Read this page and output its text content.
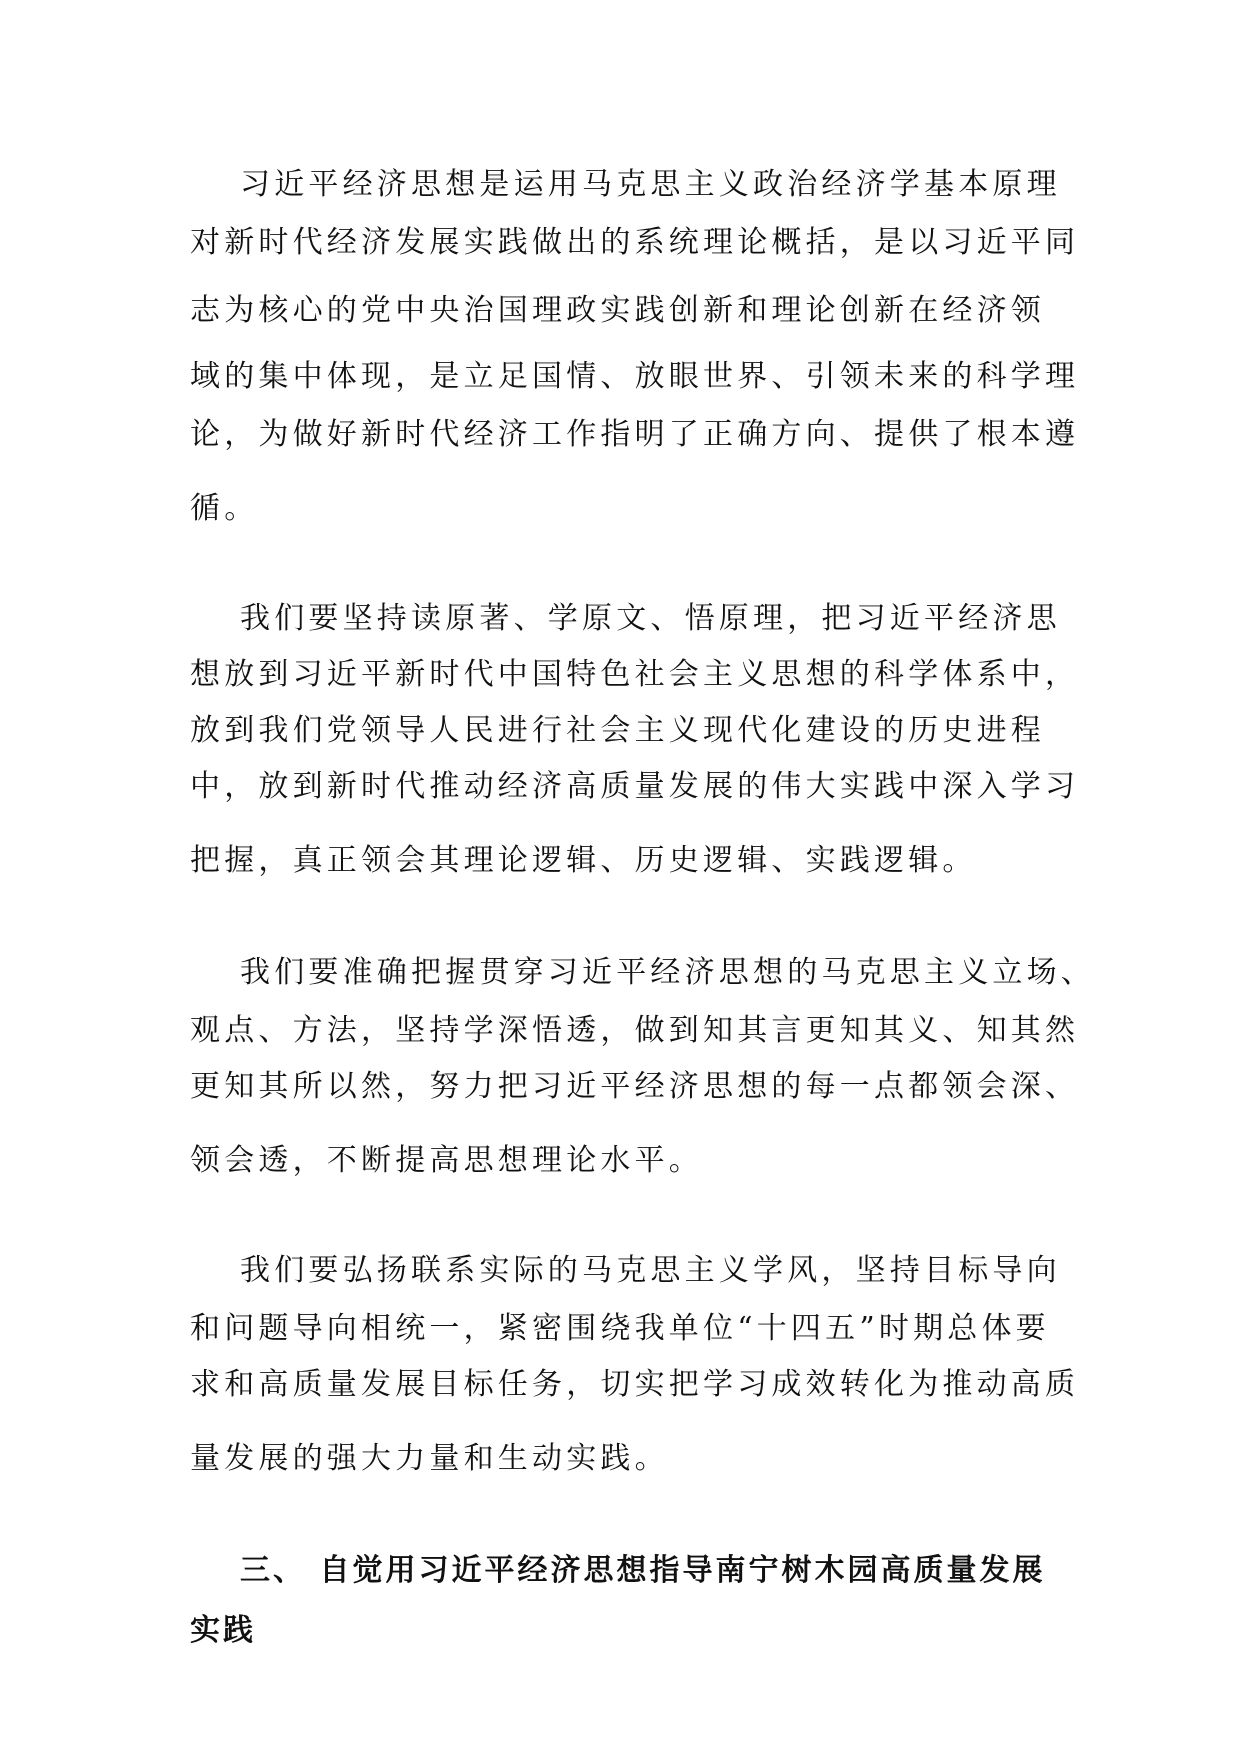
习近平经济思想是运用马克思主义政治经济学基本原理
对新时代经济发展实践做出的系统理论概括，是以习近平同
志为核心的党中央治国理政实践创新和理论创新在经济领
域的集中体现，是立足国情、放眼世界、引领未来的科学理
论，为做好新时代经济工作指明了正确方向、提供了根本遵
循。
我们要坚持读原著、学原文、悟原理，把习近平经济思
想放到习近平新时代中国特色社会主义思想的科学体系中，
放到我们党领导人民进行社会主义现代化建设的历史进程
中，放到新时代推动经济高质量发展的伟大实践中深入学习
把握，真正领会其理论逻辑、历史逻辑、实践逻辑。
我们要准确把握贯穿习近平经济思想的马克思主义立场、
观点、方法，坚持学深悟透，做到知其言更知其义、知其然
更知其所以然，努力把习近平经济思想的每一点都领会深、
领会透，不断提高思想理论水平。
我们要弘扬联系实际的马克思主义学风，坚持目标导向
和问题导向相统一，紧密围绕我单位“十四五”时期总体要
求和高质量发展目标任务，切实把学习成效转化为推动高质
量发展的强大力量和生动实践。
三、 自觉用习近平经济思想指导南宁树木园高质量发展
实践
